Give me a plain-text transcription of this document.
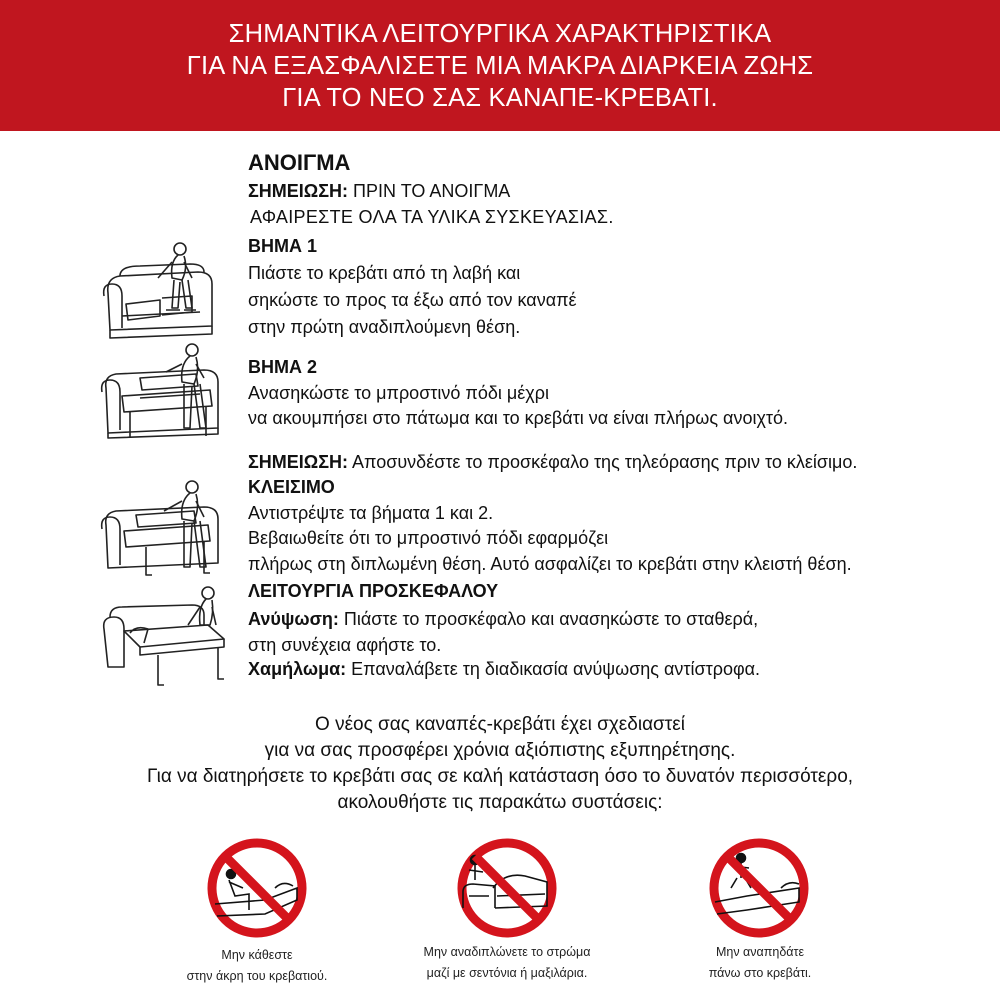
ΣΗΜΑΝΤΙΚΑ ΛΕΙΤΟΥΡΓΙΚΑ ΧΑΡΑΚΤΗΡΙΣΤΙΚΑ
ΓΙΑ ΝΑ ΕΞΑΣΦΑΛΙΣΕΤΕ ΜΙΑ ΜΑΚΡΑ ΔΙΑΡΚΕΙΑ ΖΩΗΣ
ΓΙΑ ΤΟ ΝΕΟ ΣΑΣ ΚΑΝΑΠΕ-ΚΡΕΒΑΤΙ.
ΑΝΟΙΓΜΑ
ΣΗΜΕΙΩΣΗ: ΠΡΙΝ ΤΟ ΑΝΟΙΓΜΑ
ΑΦΑΙΡΕΣΤΕ ΟΛΑ ΤΑ ΥΛΙΚΑ ΣΥΣΚΕΥΑΣΙΑΣ.
ΒΗΜΑ 1
Πιάστε το κρεβάτι από τη λαβή και
σηκώστε το προς τα έξω από τον καναπέ
στην πρώτη αναδιπλούμενη θέση.
ΒΗΜΑ 2
Ανασηκώστε το μπροστινό πόδι μέχρι
να ακουμπήσει στο πάτωμα και το κρεβάτι να είναι πλήρως ανοιχτό.
ΣΗΜΕΙΩΣΗ: Αποσυνδέστε το προσκέφαλο της τηλεόρασης πριν το κλείσιμο.
ΚΛΕΙΣΙΜΟ
Αντιστρέψτε τα βήματα 1 και 2.
Βεβαιωθείτε ότι το μπροστινό πόδι εφαρμόζει
πλήρως στη διπλωμένη θέση. Αυτό ασφαλίζει το κρεβάτι στην κλειστή θέση.
ΛΕΙΤΟΥΡΓΙΑ ΠΡΟΣΚΕΦΑΛΟΥ
Ανύψωση: Πιάστε το προσκέφαλο και ανασηκώστε το σταθερά,
στη συνέχεια αφήστε το.
Χαμήλωμα: Επαναλάβετε τη διαδικασία ανύψωσης αντίστροφα.
Ο νέος σας καναπές-κρεβάτι έχει σχεδιαστεί
για να σας προσφέρει χρόνια αξιόπιστης εξυπηρέτησης.
Για να διατηρήσετε το κρεβάτι σας σε καλή κατάσταση όσο το δυνατόν περισσότερο,
ακολουθήστε τις παρακάτω συστάσεις:
Μην κάθεστε
στην άκρη του κρεβατιού.
Μην αναδιπλώνετε το στρώμα
μαζί με σεντόνια ή μαξιλάρια.
Μην αναπηδάτε
πάνω στο κρεβάτι.
